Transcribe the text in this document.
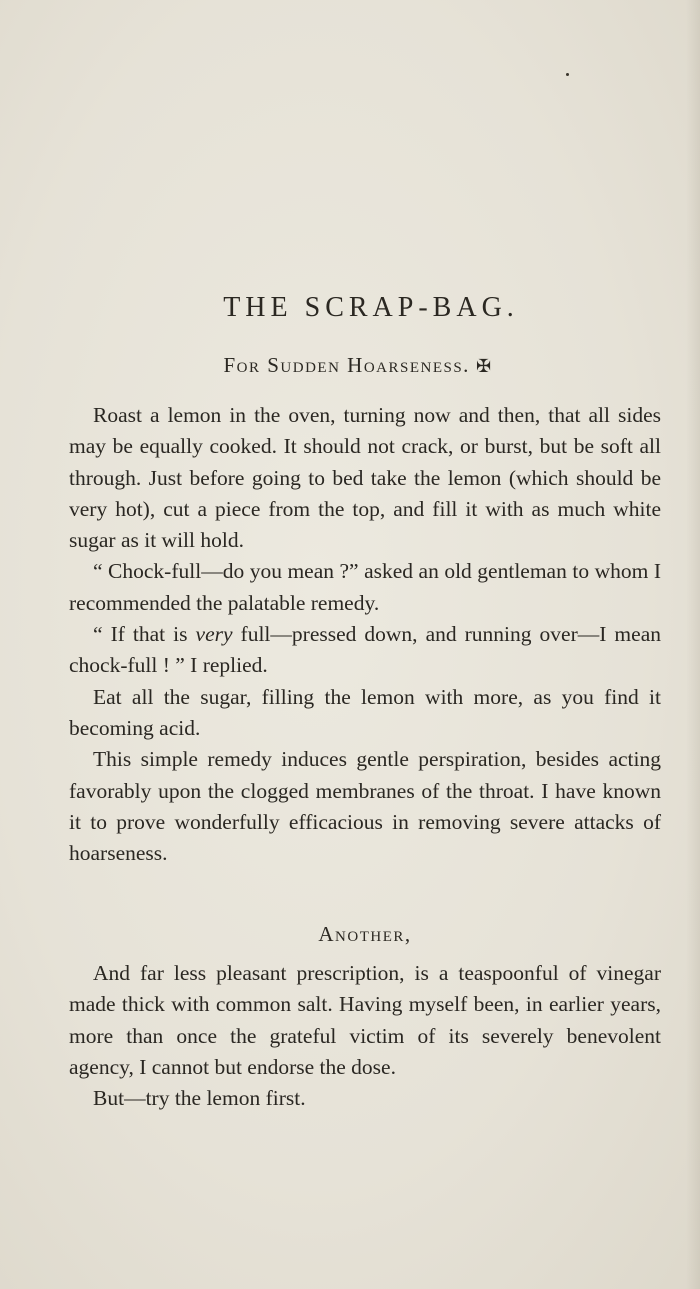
THE SCRAP-BAG.
For Sudden Hoarseness. ✠

Roast a lemon in the oven, turning now and then, that all sides may be equally cooked. It should not crack, or burst, but be soft all through. Just before going to bed take the lemon (which should be very hot), cut a piece from the top, and fill it with as much white sugar as it will hold.

“ Chock-full—do you mean ?” asked an old gentleman to whom I recommended the palatable remedy.

“ If that is very full—pressed down, and running over—I mean chock-full ! ” I replied.

Eat all the sugar, filling the lemon with more, as you find it becoming acid.

This simple remedy induces gentle perspiration, besides acting favorably upon the clogged membranes of the throat. I have known it to prove wonderfully efficacious in removing severe attacks of hoarseness.

Another,

And far less pleasant prescription, is a teaspoonful of vinegar made thick with common salt. Having myself been, in earlier years, more than once the grateful victim of its severely benevolent agency, I cannot but endorse the dose.

But—try the lemon first.
